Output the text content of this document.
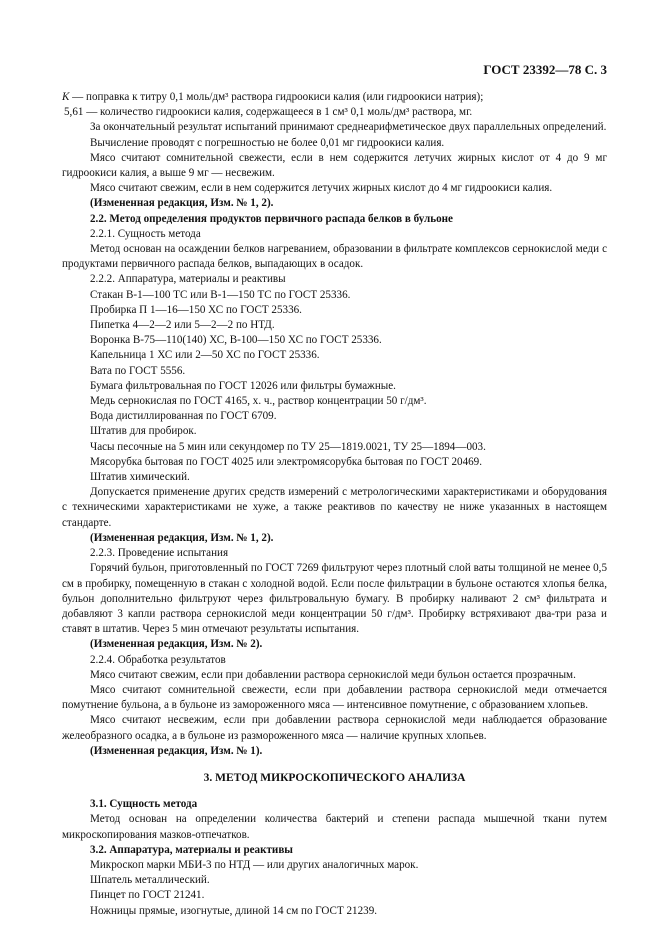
ГОСТ 23392—78 С. 3

K — поправка к титру 0,1 моль/дм³ раствора гидроокиси калия (или гидроокиси натрия);

5,61 — количество гидроокиси калия, содержащееся в 1 см³ 0,1 моль/дм³ раствора, мг.

За окончательный результат испытаний принимают среднеарифметическое двух параллельных определений.

Вычисление проводят с погрешностью не более 0,01 мг гидроокиси калия.

Мясо считают сомнительной свежести, если в нем содержится летучих жирных кислот от 4 до 9 мг гидроокиси калия, а выше 9 мг — несвежим.

Мясо считают свежим, если в нем содержится летучих жирных кислот до 4 мг гидроокиси калия.

(Измененная редакция, Изм. № 1, 2).

2.2. Метод определения продуктов первичного распада белков в бульоне

2.2.1. Сущность метода

Метод основан на осаждении белков нагреванием, образовании в фильтрате комплексов сернокислой меди с продуктами первичного распада белков, выпадающих в осадок.

2.2.2. Аппаратура, материалы и реактивы

Стакан В-1—100 ТС или В-1—150 ТС по ГОСТ 25336.

Пробирка П 1—16—150 ХС по ГОСТ 25336.

Пипетка 4—2—2 или 5—2—2 по НТД.

Воронка В-75—110(140) ХС, В-100—150 ХС по ГОСТ 25336.

Капельница 1 ХС или 2—50 ХС по ГОСТ 25336.

Вата по ГОСТ 5556.

Бумага фильтровальная по ГОСТ 12026 или фильтры бумажные.

Медь сернокислая по ГОСТ 4165, х. ч., раствор концентрации 50 г/дм³.

Вода дистиллированная по ГОСТ 6709.

Штатив для пробирок.

Часы песочные на 5 мин или секундомер по ТУ 25—1819.0021, ТУ 25—1894—003.

Мясорубка бытовая по ГОСТ 4025 или электромясорубка бытовая по ГОСТ 20469.

Штатив химический.

Допускается применение других средств измерений с метрологическими характеристиками и оборудования с техническими характеристиками не хуже, а также реактивов по качеству не ниже указанных в настоящем стандарте.

(Измененная редакция, Изм. № 1, 2).

2.2.3. Проведение испытания

Горячий бульон, приготовленный по ГОСТ 7269 фильтруют через плотный слой ваты толщиной не менее 0,5 см в пробирку, помещенную в стакан с холодной водой. Если после фильтрации в бульоне остаются хлопья белка, бульон дополнительно фильтруют через фильтровальную бумагу. В пробирку наливают 2 см³ фильтрата и добавляют 3 капли раствора сернокислой меди концентрации 50 г/дм³. Пробирку встряхивают два-три раза и ставят в штатив. Через 5 мин отмечают результаты испытания.

(Измененная редакция, Изм. № 2).

2.2.4. Обработка результатов

Мясо считают свежим, если при добавлении раствора сернокислой меди бульон остается прозрачным.

Мясо считают сомнительной свежести, если при добавлении раствора сернокислой меди отмечается помутнение бульона, а в бульоне из замороженного мяса — интенсивное помутнение, с образованием хлопьев.

Мясо считают несвежим, если при добавлении раствора сернокислой меди наблюдается образование желеобразного осадка, а в бульоне из размороженного мяса — наличие крупных хлопьев.

(Измененная редакция, Изм. № 1).

3. МЕТОД МИКРОСКОПИЧЕСКОГО АНАЛИЗА

3.1. Сущность метода

Метод основан на определении количества бактерий и степени распада мышечной ткани путем микроскопирования мазков-отпечатков.

3.2. Аппаратура, материалы и реактивы

Микроскоп марки МБИ-3 по НТД — или других аналогичных марок.

Шпатель металлический.

Пинцет по ГОСТ 21241.

Ножницы прямые, изогнутые, длиной 14 см по ГОСТ 21239.
